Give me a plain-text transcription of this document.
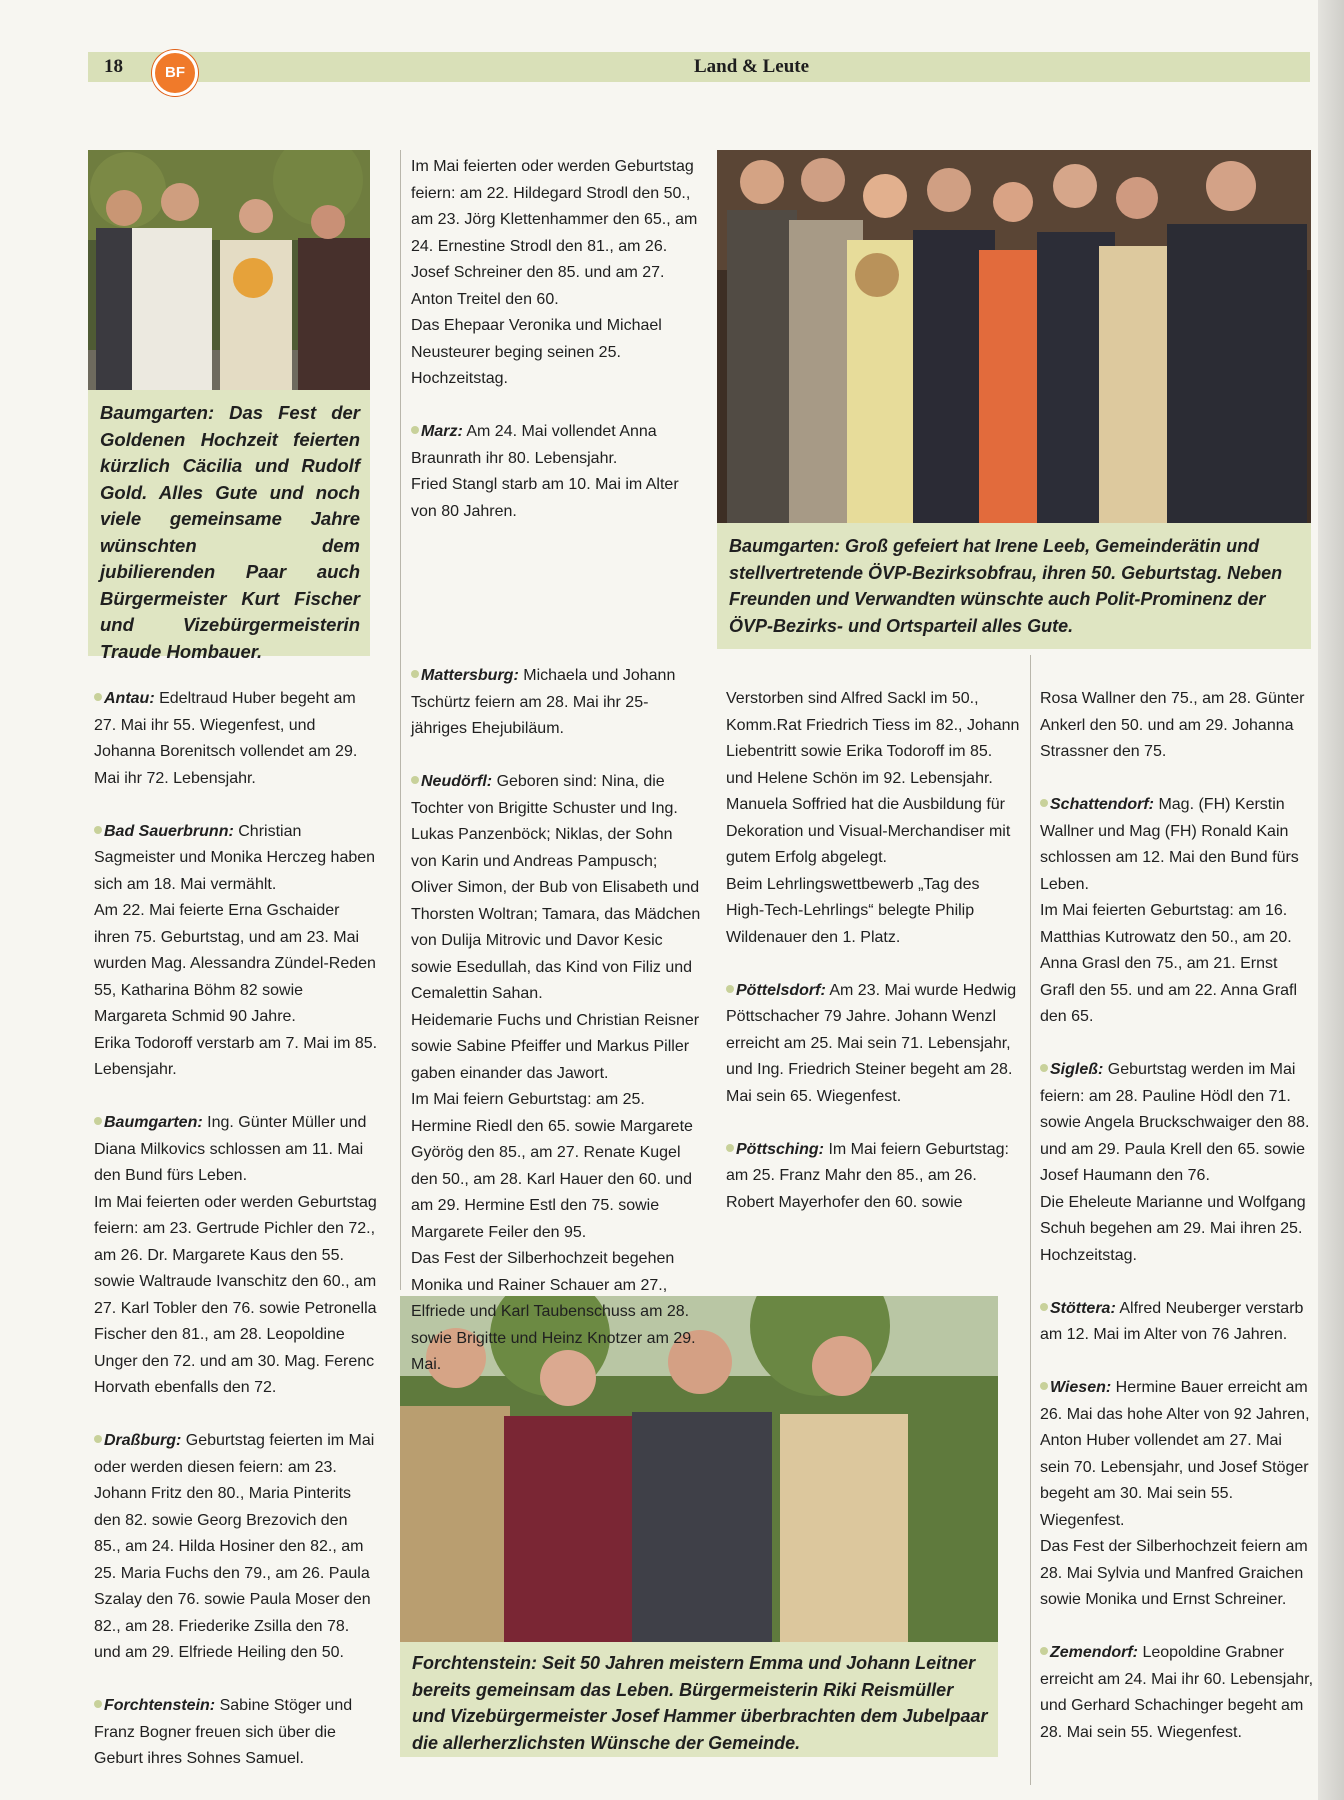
18	BF	Land & Leute
Baumgarten: Das Fest der Goldenen Hochzeit feierten kürzlich Cäcilia und Rudolf Gold. Alles Gute und noch viele gemeinsame Jahre wünschten dem jubilierenden Paar auch Bürgermeister Kurt Fischer und Vizebürgermeisterin Traude Hombauer.
Baumgarten: Groß gefeiert hat Irene Leeb, Gemeinderätin und stellvertretende ÖVP-Bezirksobfrau, ihren 50. Geburtstag. Neben Freunden und Verwandten wünschte auch Polit-Prominenz der ÖVP-Bezirks- und Ortsparteil alles Gute.
Forchtenstein: Seit 50 Jahren meistern Emma und Johann Leitner bereits gemeinsam das Leben. Bürgermeisterin Riki Reismüller und Vizebürgermeister Josef Hammer überbrachten dem Jubelpaar die allerherzlichsten Wünsche der Gemeinde.

Antau: Edeltraud Huber begeht am 27. Mai ihr 55. Wiegenfest, und Johanna Borenitsch vollendet am 29. Mai ihr 72. Lebensjahr.

Bad Sauerbrunn: Christian Sagmeister und Monika Herczeg haben sich am 18. Mai vermählt.

Am 22. Mai feierte Erna Gschaider ihren 75. Geburtstag, und am 23. Mai wurden Mag. Alessandra Zündel-Reden 55, Katharina Böhm 82 sowie Margareta Schmid 90 Jahre.

Erika Todoroff verstarb am 7. Mai im 85. Lebensjahr.

Baumgarten: Ing. Günter Müller und Diana Milkovics schlossen am 11. Mai den Bund fürs Leben.

Im Mai feierten oder werden Geburtstag feiern: am 23. Gertrude Pichler den 72., am 26. Dr. Margarete Kaus den 55. sowie Waltraude Ivanschitz den 60., am 27. Karl Tobler den 76. sowie Petronella Fischer den 81., am 28. Leopoldine Unger den 72. und am 30. Mag. Ferenc Horvath ebenfalls den 72.

Draßburg: Geburtstag feierten im Mai oder werden diesen feiern: am 23. Johann Fritz den 80., Maria Pinterits den 82. sowie Georg Brezovich den 85., am 24. Hilda Hosiner den 82., am 25. Maria Fuchs den 79., am 26. Paula Szalay den 76. sowie Paula Moser den 82., am 28. Friederike Zsilla den 78. und am 29. Elfriede Heiling den 50.

Forchtenstein: Sabine Stöger und Franz Bogner freuen sich über die Geburt ihres Sohnes Samuel.

Im Mai feierten oder werden Geburtstag feiern: am 22. Hildegard Strodl den 50., am 23. Jörg Klettenhammer den 65., am 24. Ernestine Strodl den 81., am 26. Josef Schreiner den 85. und am 27. Anton Treitel den 60.

Das Ehepaar Veronika und Michael Neusteurer beging seinen 25. Hochzeitstag.

Marz: Am 24. Mai vollendet Anna Braunrath ihr 80. Lebensjahr.

Fried Stangl starb am 10. Mai im Alter von 80 Jahren.

Mattersburg: Michaela und Johann Tschürtz feiern am 28. Mai ihr 25-jähriges Ehejubiläum.

Neudörfl: Geboren sind: Nina, die Tochter von Brigitte Schuster und Ing. Lukas Panzenböck; Niklas, der Sohn von Karin und Andreas Pampusch; Oliver Simon, der Bub von Elisabeth und Thorsten Woltran; Tamara, das Mädchen von Dulija Mitrovic und Davor Kesic sowie Esedullah, das Kind von Filiz und Cemalettin Sahan.

Heidemarie Fuchs und Christian Reisner sowie Sabine Pfeiffer und Markus Piller gaben einander das Jawort.

Im Mai feiern Geburtstag: am 25. Hermine Riedl den 65. sowie Margarete Györög den 85., am 27. Renate Kugel den 50., am 28. Karl Hauer den 60. und am 29. Hermine Estl den 75. sowie Margarete Feiler den 95.

Das Fest der Silberhochzeit begehen Monika und Rainer Schauer am 27., Elfriede und Karl Taubenschuss am 28. sowie Brigitte und Heinz Knotzer am 29. Mai.

Verstorben sind Alfred Sackl im 50., Komm.Rat Friedrich Tiess im 82., Johann Liebentritt sowie Erika Todoroff im 85. und Helene Schön im 92. Lebensjahr.

Manuela Soffried hat die Ausbildung für Dekoration und Visual-Merchandiser mit gutem Erfolg abgelegt.

Beim Lehrlingswettbewerb „Tag des High-Tech-Lehrlings“ belegte Philip Wildenauer den 1. Platz.

Pöttelsdorf: Am 23. Mai wurde Hedwig Pöttschacher 79 Jahre. Johann Wenzl erreicht am 25. Mai sein 71. Lebensjahr, und Ing. Friedrich Steiner begeht am 28. Mai sein 65. Wiegenfest.

Pöttsching: Im Mai feiern Geburtstag: am 25. Franz Mahr den 85., am 26. Robert Mayerhofer den 60. sowie

Rosa Wallner den 75., am 28. Günter Ankerl den 50. und am 29. Johanna Strassner den 75.

Schattendorf: Mag. (FH) Kerstin Wallner und Mag (FH) Ronald Kain schlossen am 12. Mai den Bund fürs Leben.

Im Mai feierten Geburtstag: am 16. Matthias Kutrowatz den 50., am 20. Anna Grasl den 75., am 21. Ernst Grafl den 55. und am 22. Anna Grafl den 65.

Sigleß: Geburtstag werden im Mai feiern: am 28. Pauline Hödl den 71. sowie Angela Bruckschwaiger den 88. und am 29. Paula Krell den 65. sowie Josef Haumann den 76.

Die Eheleute Marianne und Wolfgang Schuh begehen am 29. Mai ihren 25. Hochzeitstag.

Stöttera: Alfred Neuberger verstarb am 12. Mai im Alter von 76 Jahren.

Wiesen: Hermine Bauer erreicht am 26. Mai das hohe Alter von 92 Jahren, Anton Huber vollendet am 27. Mai sein 70. Lebensjahr, und Josef Stöger begeht am 30. Mai sein 55. Wiegenfest.

Das Fest der Silberhochzeit feiern am 28. Mai Sylvia und Manfred Graichen sowie Monika und Ernst Schreiner.

Zemendorf: Leopoldine Grabner erreicht am 24. Mai ihr 60. Lebensjahr, und Gerhard Schachinger begeht am 28. Mai sein 55. Wiegenfest.
